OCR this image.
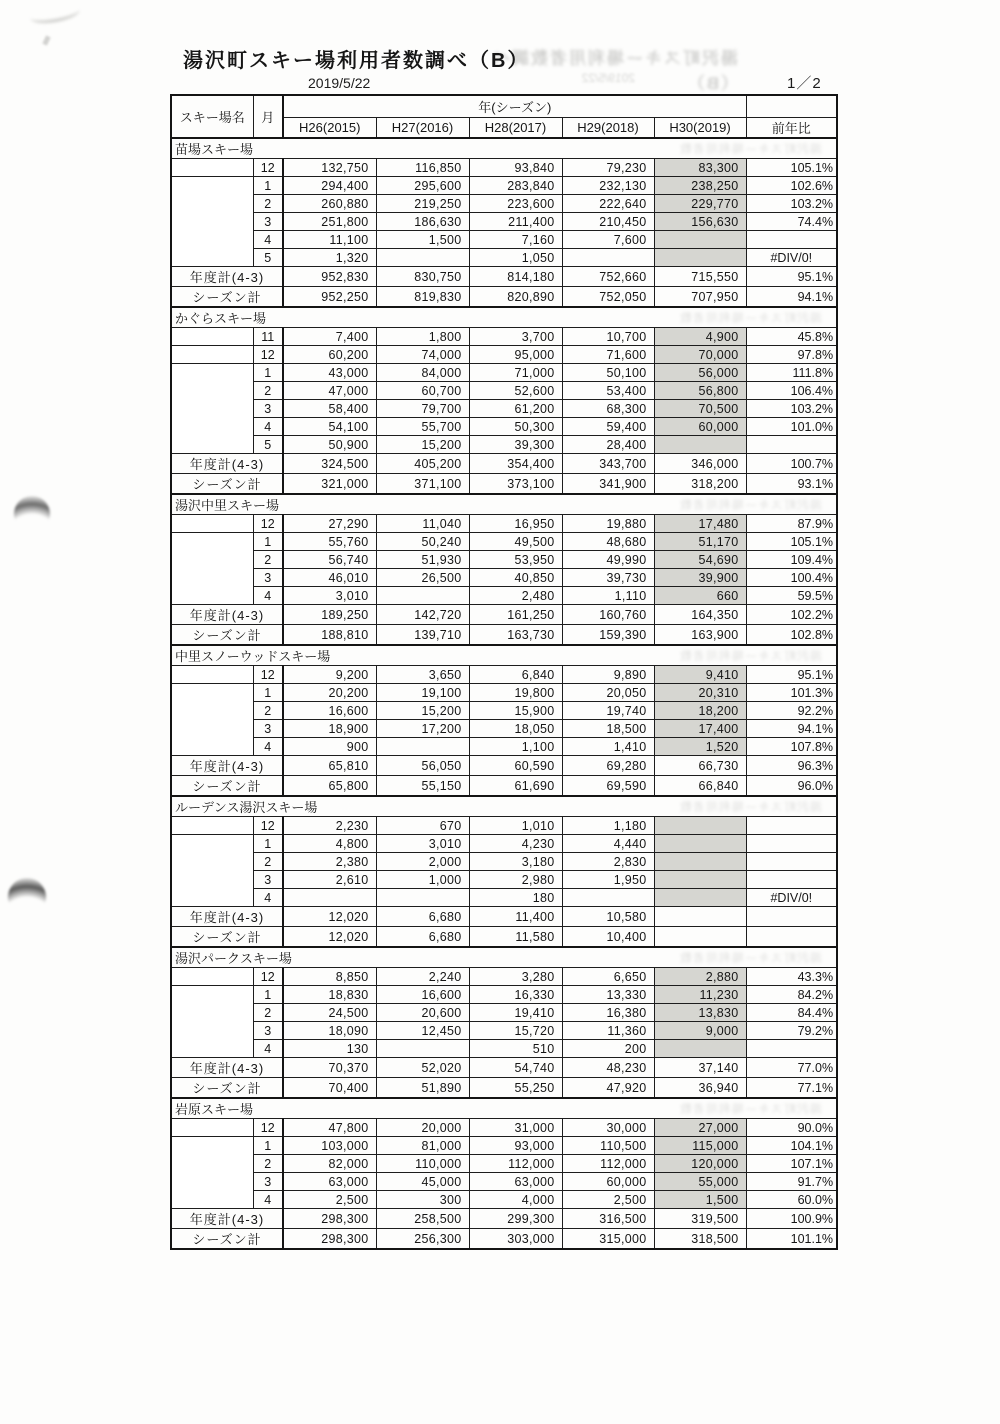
湯沢町スキー場利用者数調べ（B）
2019/5/22
湯沢町スキー場利用者数調べ（B）
2019/5/22	1／2
スキー場名	月	年(シーズン)					
		H26(2015)	H27(2016)	H28(2017)	H29(2018)	H30(2019)	前年比
苗場スキー場 湯沢町スキー場利用者数							

	12	132,750	116,850	93,840	79,230	83,300	105.1%
	1	294,400	295,600	283,840	232,130	238,250	102.6%
	2	260,880	219,250	223,600	222,640	229,770	103.2%
	3	251,800	186,630	211,400	210,450	156,630	74.4%
	4	11,100	1,500	7,160	7,600		
	5	1,320		1,050			#DIV/0!
年度計(4-3)		952,830	830,750	814,180	752,660	715,550	95.1%
シーズン計		952,250	819,830	820,890	752,050	707,950	94.1%
かぐらスキー場 湯沢町スキー場利用者数							

	11	7,400	1,800	3,700	10,700	4,900	45.8%
	12	60,200	74,000	95,000	71,600	70,000	97.8%
	1	43,000	84,000	71,000	50,100	56,000	111.8%
	2	47,000	60,700	52,600	53,400	56,800	106.4%
	3	58,400	79,700	61,200	68,300	70,500	103.2%
	4	54,100	55,700	50,300	59,400	60,000	101.0%
	5	50,900	15,200	39,300	28,400		
年度計(4-3)		324,500	405,200	354,400	343,700	346,000	100.7%
シーズン計		321,000	371,100	373,100	341,900	318,200	93.1%
湯沢中里スキー場 湯沢町スキー場利用者数							

	12	27,290	11,040	16,950	19,880	17,480	87.9%
	1	55,760	50,240	49,500	48,680	51,170	105.1%
	2	56,740	51,930	53,950	49,990	54,690	109.4%
	3	46,010	26,500	40,850	39,730	39,900	100.4%
	4	3,010		2,480	1,110	660	59.5%
年度計(4-3)		189,250	142,720	161,250	160,760	164,350	102.2%
シーズン計		188,810	139,710	163,730	159,390	163,900	102.8%
中里スノーウッドスキー場 湯沢町スキー場利用者数							

	12	9,200	3,650	6,840	9,890	9,410	95.1%
	1	20,200	19,100	19,800	20,050	20,310	101.3%
	2	16,600	15,200	15,900	19,740	18,200	92.2%
	3	18,900	17,200	18,050	18,500	17,400	94.1%
	4	900		1,100	1,410	1,520	107.8%
年度計(4-3)		65,810	56,050	60,590	69,280	66,730	96.3%
シーズン計		65,800	55,150	61,690	69,590	66,840	96.0%
ルーデンス湯沢スキー場 湯沢町スキー場利用者数							

	12	2,230	670	1,010	1,180		
	1	4,800	3,010	4,230	4,440		
	2	2,380	2,000	3,180	2,830		
	3	2,610	1,000	2,980	1,950		
	4			180			#DIV/0!
年度計(4-3)		12,020	6,680	11,400	10,580		
シーズン計		12,020	6,680	11,580	10,400		
湯沢パークスキー場 湯沢町スキー場利用者数							

	12	8,850	2,240	3,280	6,650	2,880	43.3%
	1	18,830	16,600	16,330	13,330	11,230	84.2%
	2	24,500	20,600	19,410	16,380	13,830	84.4%
	3	18,090	12,450	15,720	11,360	9,000	79.2%
	4	130		510	200		
年度計(4-3)		70,370	52,020	54,740	48,230	37,140	77.0%
シーズン計		70,400	51,890	55,250	47,920	36,940	77.1%
岩原スキー場 湯沢町スキー場利用者数							

	12	47,800	20,000	31,000	30,000	27,000	90.0%
	1	103,000	81,000	93,000	110,500	115,000	104.1%
	2	82,000	110,000	112,000	112,000	120,000	107.1%
	3	63,000	45,000	63,000	60,000	55,000	91.7%
	4	2,500	300	4,000	2,500	1,500	60.0%
年度計(4-3)		298,300	258,500	299,300	316,500	319,500	100.9%
シーズン計		298,300	256,300	303,000	315,000	318,500	101.1%
